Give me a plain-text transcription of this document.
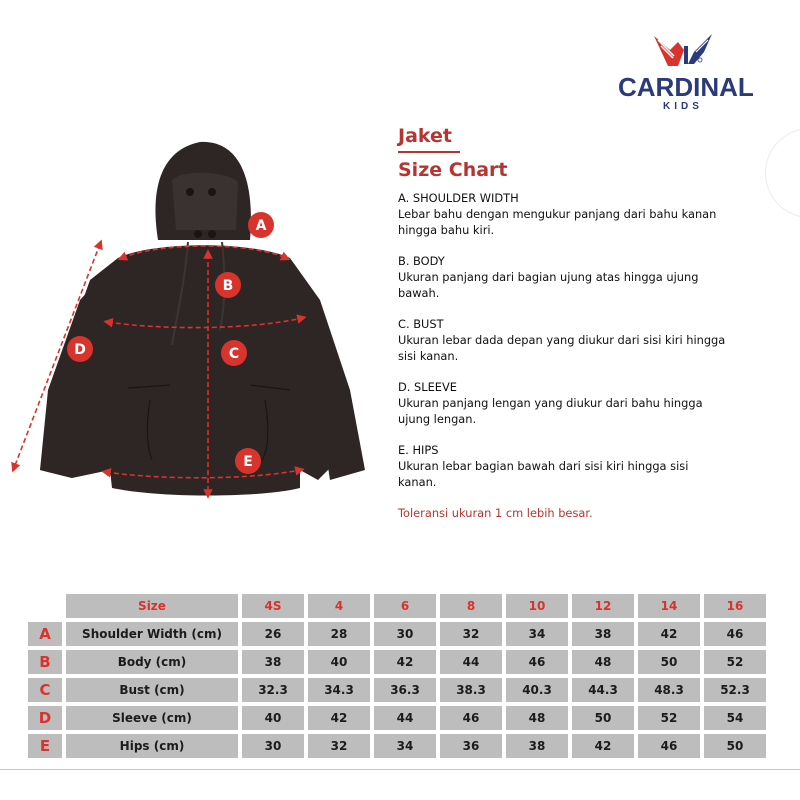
CARDINAL
KIDS
A
B
C
D
E
Jaket
Size Chart
A. SHOULDER WIDTH
Lebar bahu dengan mengukur panjang dari bahu kanan hingga bahu kiri.
B. BODY
Ukuran panjang dari bagian ujung atas hingga ujung bawah.
C. BUST
Ukuran lebar dada depan yang diukur dari sisi kiri hingga sisi kanan.
D. SLEEVE
Ukuran panjang lengan yang diukur dari bahu hingga ujung lengan.
E. HIPS
Ukuran lebar bagian bawah dari sisi kiri hingga sisi kanan.
Toleransi ukuran 1 cm lebih besar.
Size	4S	4	6	8	10	12	14	16
A	Shoulder Width (cm)	26	28	30	32	34	38	42	46
B	Body (cm)	38	40	42	44	46	48	50	52
C	Bust (cm)	32.3	34.3	36.3	38.3	40.3	44.3	48.3	52.3
D	Sleeve (cm)	40	42	44	46	48	50	52	54
E	Hips (cm)	30	32	34	36	38	42	46	50
